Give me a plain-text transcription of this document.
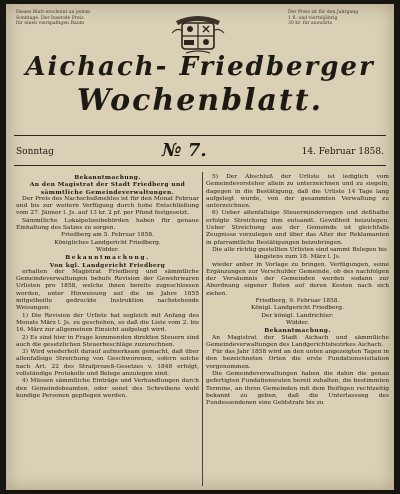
Dieses Blatt erscheint an jedem
Sonntage. Der Inserate Preis
für einen vierspaltigen Raum
Der Preis ist für den Jahrgang
1 fl. und vierteljährig
30 kr. für auswärts
Aichach- Friedberger
Wochenblatt.
Sonntag	№ 7.	14. Februar 1858.
Bekanntmachung.
An den Magistrat der Stadt Friedberg und
sämmtliche Gemeindeverwaltungen.
Der Preis des Nachschußmehles ist für den Monat Februar und bis zur weitern Verfügung durch hohe Entschließung vom 27. Jänner l. Js. auf 13 kr. 2 pf. per Pfund festgesetzt.
Sämmtliche Lokalpolizeibehörden haben für genaue Einhaltung des Satzes zu sorgen.
Friedberg am 5. Februar 1858.
Königliches Landgericht Friedberg.
Widder.
Bekanntmachung.
Von kgl. Landgericht Friedberg
erhalten der Magistrat Friedberg und sämmtliche Gemeindeverwaltungen behufs Revision der Gewehrwaren Urlisten pro 1858, welche ihnen bereits zugeschlossen worden, unter Hinweisung auf die im Jahre 1855 mitgetheilte gedruckte Instruktion nachstehende Weisungen:
1) Die Revision der Urliste hat sogleich mit Anfang des Monats März l. Js. zu geschehen, so daß die Liste vom 2. bis 16. März zur allgemeinen Einsicht aufgelegt wird.
2) Es sind hier in Frage kommenden direkten Steuern sind auch die gesetzlichen Steuerbeschläge zuzurechnen.
3) Wird wiederholt darauf aufmerksam gemacht, daß über allenfallsige Streichung von Geschworenen, sofern solche nach Art. 22 des Strafprozeß-Gesetzes v. 1848 erfolgt, vollständige Protokolle und Belege anzulegen sind.
4) Müssen sämmtliche Einträge und Verhandlungen durch den Gemeindebeamten, oder sonst des Schreibens wohl kundige Personen gepflegen werden.
5) Der Abschluß der Urliste ist lediglich vom Gemeindevorsteher allein zu unterzeichnen und zu siegeln, dagegen in die Bestätigung, daß die Urliste 14 Tage lang aufgelegt wurde, von der gesammten Verwaltung zu unterzeichnen.
6) Ueber allenfallsige Steuerminderungen und deßhalbe erfolgte Streichung ihm entsandt. Gewißheit beizulegen. Ueber Streichung aus der Gemeinde ist gleichfalls Zeugnisse vorzulegen und über das Alter der Reklamanten in pfarramtliche Bestätigungen beizubringen.
Die alle richtig gestellten Urlisten sind sammt Belegen bis
längstens zum 18. März l. Js.
wieder anher in Vorlage zu bringen. Verfügungen, seine Ergänzungen zur Verschulder Gemeinde, ob des nachfolgen der Versäumnis der Gemeinden werden sodann zur Abordnung eigener Boten auf deren Kosten nach sich ziehen.
Friedberg, 9. Februar 1858.
Königl. Landgericht Friedberg.
Der königl. Landrichter:
Widder.
Bekanntmachung.
An Magistrat der Stadt Aichach und sämmtliche Gemeindeverwaltungen des Landgerichtsbezirkes Aichach.
Für das Jahr 1858 wird an den unten angezeigten Tagen in den bezeichneten Orten die erste Fundationsvisitation vorgenommen.
Die Gemeindeverwaltungen haben die dahin die genau gefertigten Fundationsraten bereit zuhalten, die bestimmten Termine, an ihren Gemeinden mit dem Beifügen rechtzeitig bekannt zu geben, daß die Unterlassung des Fundessendenen eine Geldstrafe bis zu
